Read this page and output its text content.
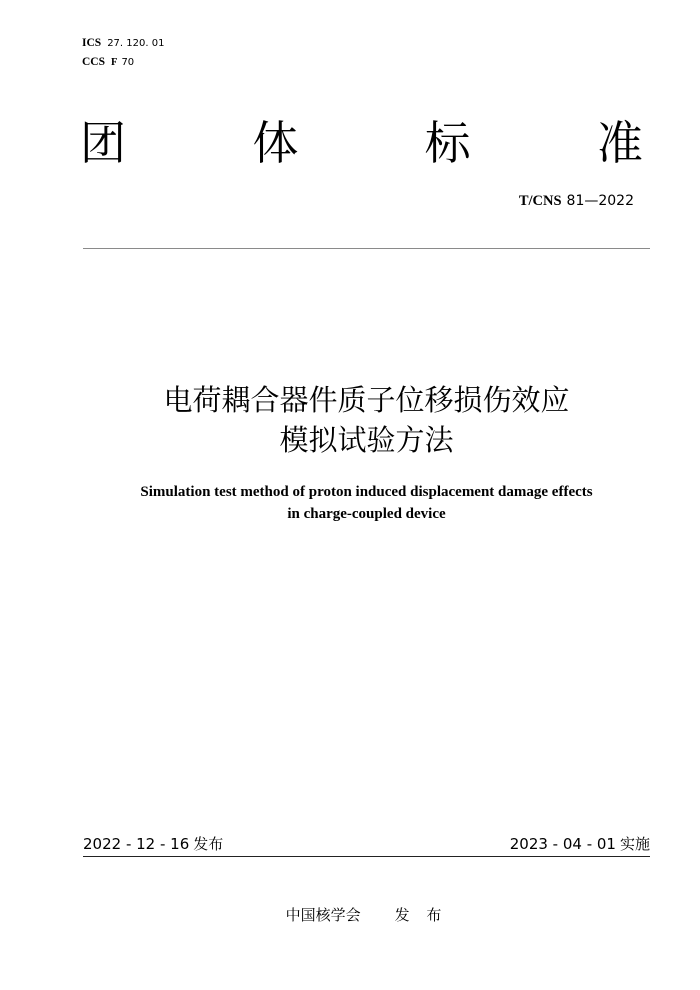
ICS 27. 120. 01
CCS F 70
团	体	标	准
T/CNS 81—2022
电荷耦合器件质子位移损伤效应
模拟试验方法
Simulation test method of proton induced displacement damage effects
in charge-coupled device
2022 - 12 - 16 发布	2023 - 04 - 01 实施
中国核学会 发 布
